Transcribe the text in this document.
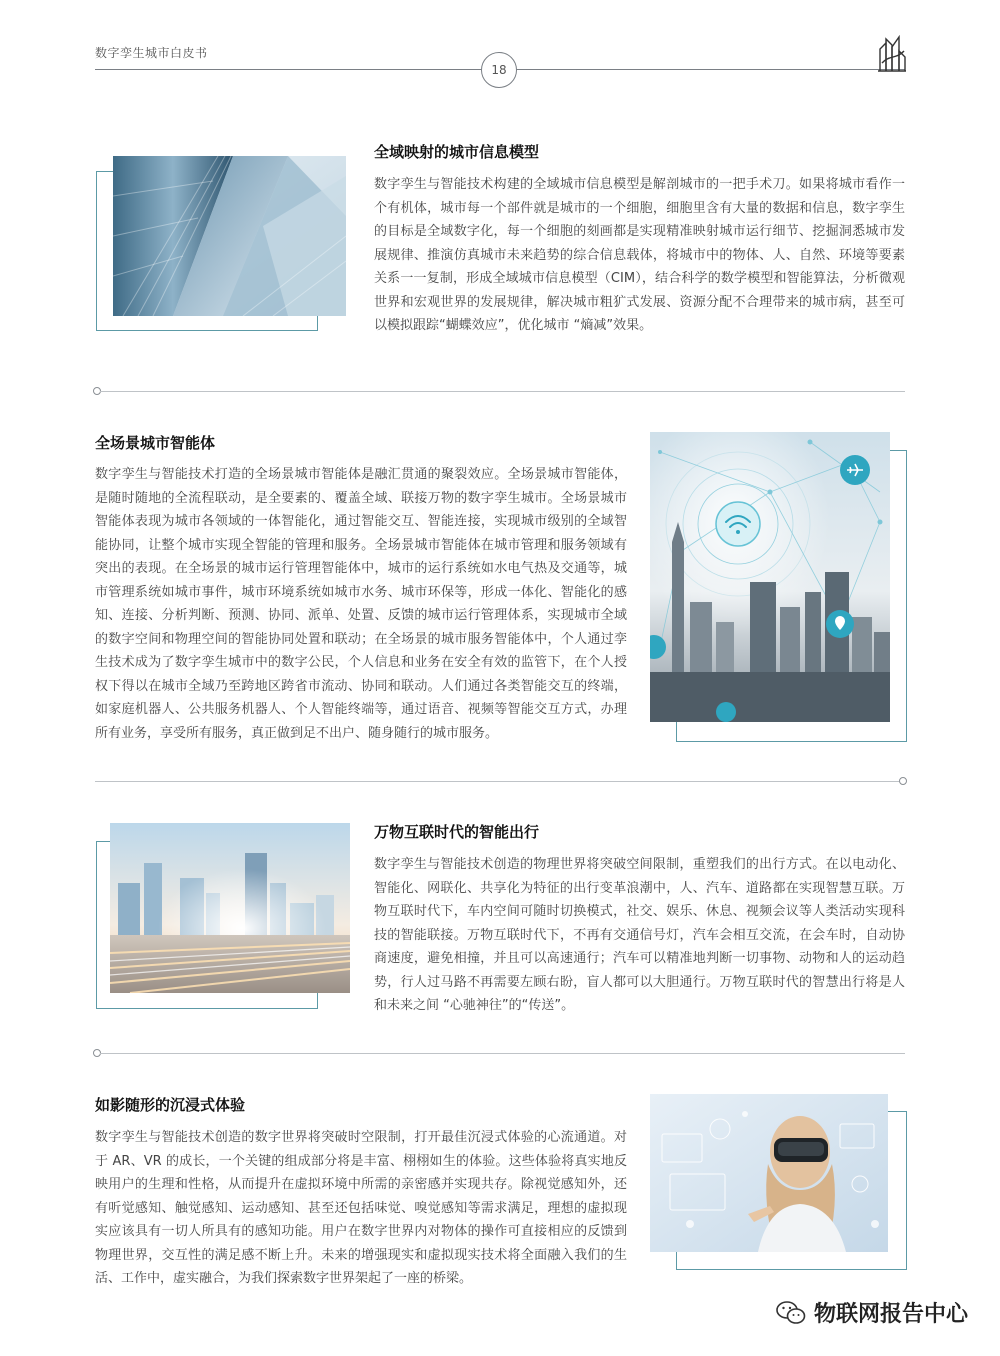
数字孪生城市白皮书
18
全域映射的城市信息模型
数字孪生与智能技术构建的全域城市信息模型是解剖城市的一把手术刀。如果将城市看作一个有机体，城市每一个部件就是城市的一个细胞，细胞里含有大量的数据和信息，数字孪生的目标是全域数字化，每一个细胞的刻画都是实现精准映射城市运行细节、挖掘洞悉城市发展规律、推演仿真城市未来趋势的综合信息载体，将城市中的物体、人、自然、环境等要素关系一一复制，形成全域城市信息模型（CIM），结合科学的数学模型和智能算法，分析微观世界和宏观世界的发展规律，解决城市粗犷式发展、资源分配不合理带来的城市病，甚至可以模拟跟踪“蝴蝶效应”，优化城市 “熵减”效果。
全场景城市智能体
数字孪生与智能技术打造的全场景城市智能体是融汇贯通的聚裂效应。全场景城市智能体，是随时随地的全流程联动，是全要素的、覆盖全域、联接万物的数字孪生城市。全场景城市智能体表现为城市各领域的一体智能化，通过智能交互、智能连接，实现城市级别的全域智能协同，让整个城市实现全智能的管理和服务。全场景城市智能体在城市管理和服务领域有突出的表现。在全场景的城市运行管理智能体中，城市的运行系统如水电气热及交通等，城市管理系统如城市事件，城市环境系统如城市水务、城市环保等，形成一体化、智能化的感知、连接、分析判断、预测、协同、派单、处置、反馈的城市运行管理体系，实现城市全域的数字空间和物理空间的智能协同处置和联动；在全场景的城市服务智能体中，个人通过孪生技术成为了数字孪生城市中的数字公民，个人信息和业务在安全有效的监管下，在个人授权下得以在城市全域乃至跨地区跨省市流动、协同和联动。人们通过各类智能交互的终端，如家庭机器人、公共服务机器人、个人智能终端等，通过语音、视频等智能交互方式，办理所有业务，享受所有服务，真正做到足不出户、随身随行的城市服务。
万物互联时代的智能出行
数字孪生与智能技术创造的物理世界将突破空间限制，重塑我们的出行方式。在以电动化、智能化、网联化、共享化为特征的出行变革浪潮中，人、汽车、道路都在实现智慧互联。万物互联时代下，车内空间可随时切换模式，社交、娱乐、休息、视频会议等人类活动实现科技的智能联接。万物互联时代下，不再有交通信号灯，汽车会相互交流，在会车时，自动协商速度，避免相撞，并且可以高速通行；汽车可以精准地判断一切事物、动物和人的运动趋势，行人过马路不再需要左顾右盼，盲人都可以大胆通行。万物互联时代的智慧出行将是人和未来之间 “心驰神往”的“传送”。
如影随形的沉浸式体验
数字孪生与智能技术创造的数字世界将突破时空限制，打开最佳沉浸式体验的心流通道。对于 AR、VR 的成长，一个关键的组成部分将是丰富、栩栩如生的体验。这些体验将真实地反映用户的生理和性格，从而提升在虚拟环境中所需的亲密感并实现共存。除视觉感知外，还有听觉感知、触觉感知、运动感知、甚至还包括味觉、嗅觉感知等需求满足，理想的虚拟现实应该具有一切人所具有的感知功能。用户在数字世界内对物体的操作可直接相应的反馈到物理世界，交互性的满足感不断上升。未来的增强现实和虚拟现实技术将全面融入我们的生活、工作中，虚实融合，为我们探索数字世界架起了一座的桥梁。
物联网报告中心
